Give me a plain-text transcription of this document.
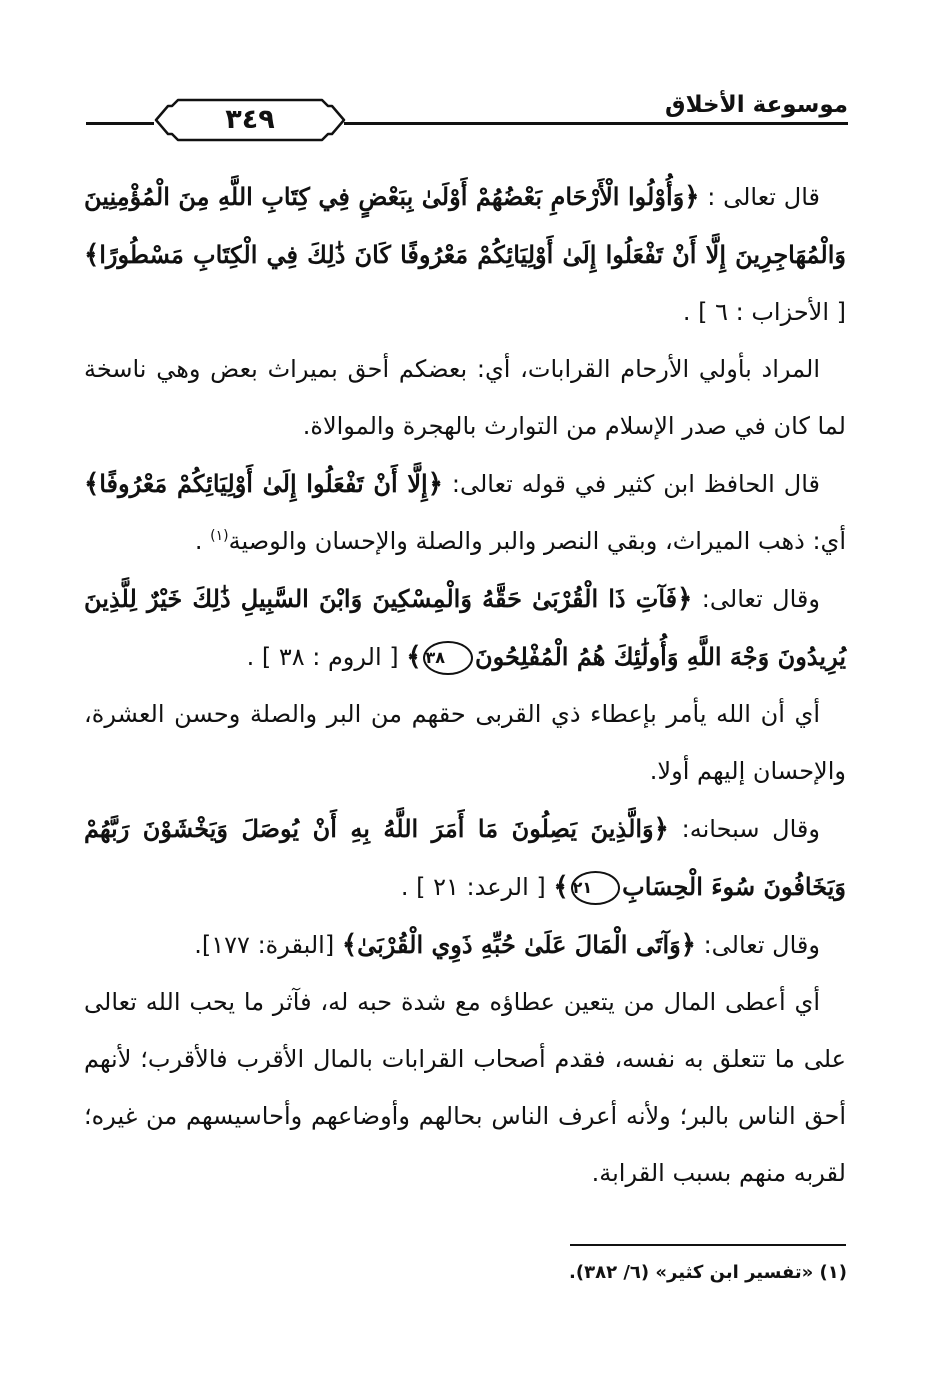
٣٤٩	موسوعة الأخلاق

قال تعالى : ﴿وَأُوْلُوا الْأَرْحَامِ بَعْضُهُمْ أَوْلَىٰ بِبَعْضٍ فِي كِتَابِ اللَّهِ مِنَ الْمُؤْمِنِينَ وَالْمُهَاجِرِينَ إِلَّا أَنْ تَفْعَلُوا إِلَىٰ أَوْلِيَائِكُمْ مَعْرُوفًا كَانَ ذَٰلِكَ فِي الْكِتَابِ مَسْطُورًا﴾ [ الأحزاب : ٦ ] .

المراد بأولي الأرحام القرابات، أي: بعضكم أحق بميراث بعض وهي ناسخة لما كان في صدر الإسلام من التوارث بالهجرة والموالاة.

قال الحافظ ابن كثير في قوله تعالى: ﴿إِلَّا أَنْ تَفْعَلُوا إِلَىٰ أَوْلِيَائِكُمْ مَعْرُوفًا﴾ أي: ذهب الميراث، وبقي النصر والبر والصلة والإحسان والوصية$^{(١)}$ .

وقال تعالى: ﴿فَآتِ ذَا الْقُرْبَىٰ حَقَّهُ وَالْمِسْكِينَ وَابْنَ السَّبِيلِ ذَٰلِكَ خَيْرٌ لِلَّذِينَ يُرِيدُونَ وَجْهَ اللَّهِ وَأُولَٰئِكَ هُمُ الْمُفْلِحُونَ٣٨﴾ [ الروم : ٣٨ ] .

أي أن الله يأمر بإعطاء ذي القربى حقهم من البر والصلة وحسن العشرة، والإحسان إليهم أولا.

وقال سبحانه: ﴿وَالَّذِينَ يَصِلُونَ مَا أَمَرَ اللَّهُ بِهِ أَنْ يُوصَلَ وَيَخْشَوْنَ رَبَّهُمْ وَيَخَافُونَ سُوءَ الْحِسَابِ٢١﴾ [ الرعد: ٢١ ] .

وقال تعالى: ﴿وَآتَى الْمَالَ عَلَىٰ حُبِّهِ ذَوِي الْقُرْبَىٰ﴾ [البقرة: ١٧٧].

أي أعطى المال من يتعين عطاؤه مع شدة حبه له، فآثر ما يحب الله تعالى على ما تتعلق به نفسه، فقدم أصحاب القرابات بالمال الأقرب فالأقرب؛ لأنهم أحق الناس بالبر؛ ولأنه أعرف الناس بحالهم وأوضاعهم وأحاسيسهم من غيره؛ لقربه منهم بسبب القرابة.

(١) «تفسير ابن كثير» (٦/ ٣٨٢).
